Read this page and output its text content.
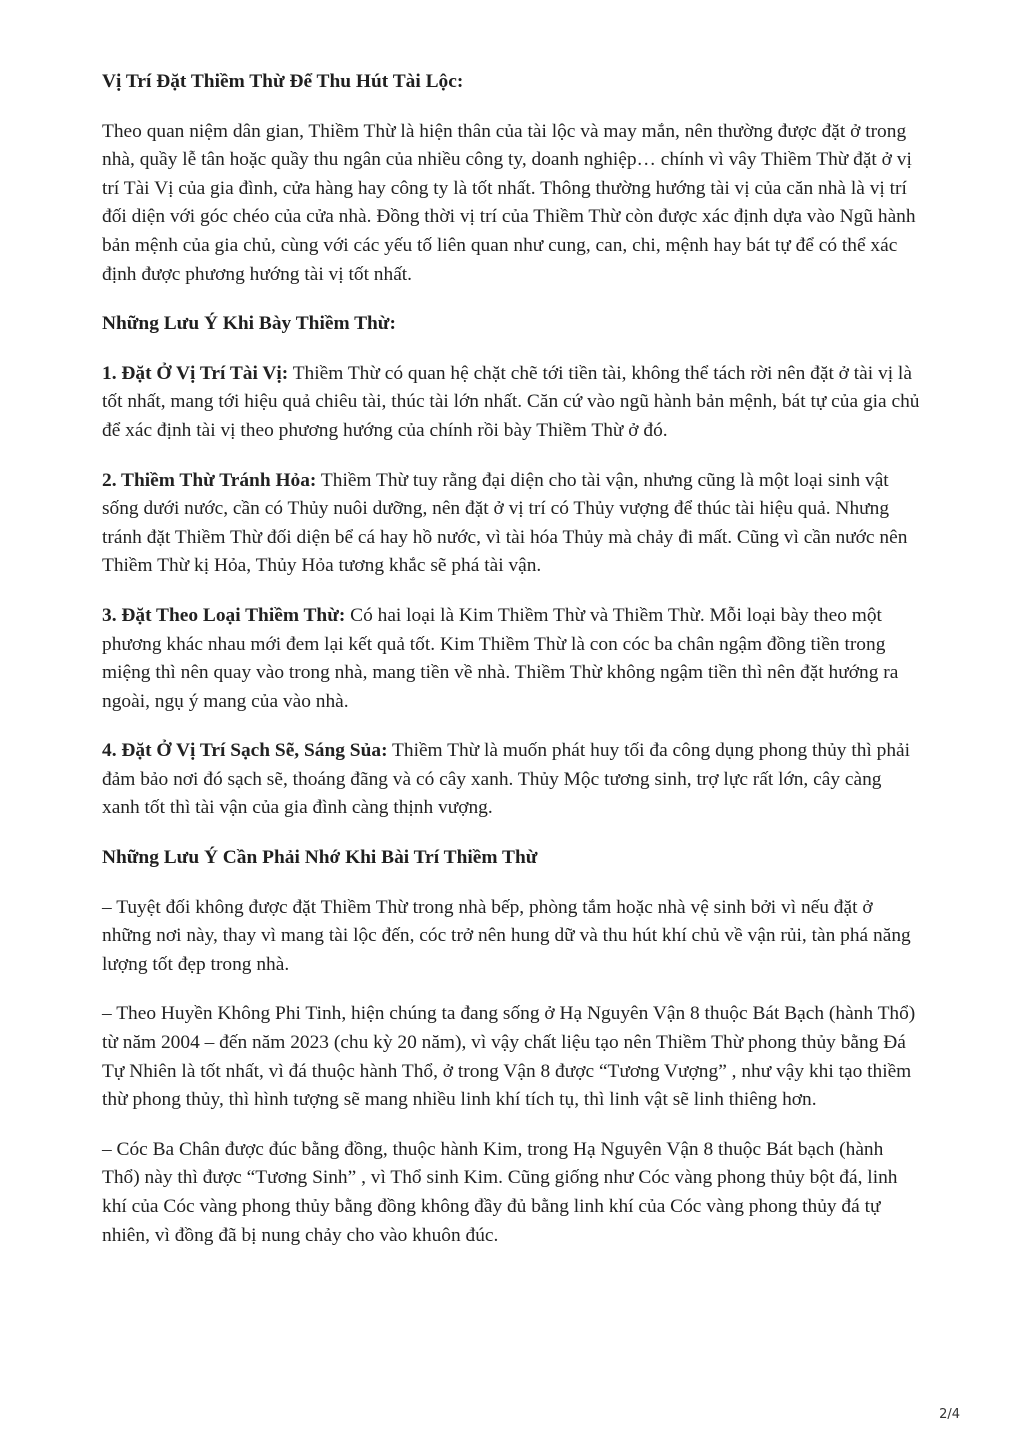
Vị Trí Đặt Thiềm Thừ Để Thu Hút Tài Lộc:

Theo quan niệm dân gian, Thiềm Thừ là hiện thân của tài lộc và may mắn, nên thường được đặt ở trong nhà, quầy lễ tân hoặc quầy thu ngân của nhiều công ty, doanh nghiệp… chính vì vây Thiềm Thừ đặt ở vị trí Tài Vị của gia đình, cửa hàng hay công ty là tốt nhất. Thông thường hướng tài vị của căn nhà là vị trí đối diện với góc chéo của cửa nhà. Đồng thời vị trí của Thiềm Thừ còn được xác định dựa vào Ngũ hành bản mệnh của gia chủ, cùng với các yếu tố liên quan như cung, can, chi, mệnh hay bát tự để có thể xác định được phương hướng tài vị tốt nhất.

Những Lưu Ý Khi Bày Thiềm Thừ:

1. Đặt Ở Vị Trí Tài Vị: Thiềm Thừ có quan hệ chặt chẽ tới tiền tài, không thể tách rời nên đặt ở tài vị là tốt nhất, mang tới hiệu quả chiêu tài, thúc tài lớn nhất. Căn cứ vào ngũ hành bản mệnh, bát tự của gia chủ để xác định tài vị theo phương hướng của chính rồi bày Thiềm Thừ ở đó.

2. Thiềm Thừ Tránh Hỏa: Thiềm Thừ tuy rằng đại diện cho tài vận, nhưng cũng là một loại sinh vật sống dưới nước, cần có Thủy nuôi dưỡng, nên đặt ở vị trí có Thủy vượng để thúc tài hiệu quả. Nhưng tránh đặt Thiềm Thừ đối diện bể cá hay hồ nước, vì tài hóa Thủy mà chảy đi mất. Cũng vì cần nước nên Thiềm Thừ kị Hỏa, Thủy Hỏa tương khắc sẽ phá tài vận.

3. Đặt Theo Loại Thiềm Thừ: Có hai loại là Kim Thiềm Thừ và Thiềm Thừ. Mỗi loại bày theo một phương khác nhau mới đem lại kết quả tốt. Kim Thiềm Thừ là con cóc ba chân ngậm đồng tiền trong miệng thì nên quay vào trong nhà, mang tiền về nhà. Thiềm Thừ không ngậm tiền thì nên đặt hướng ra ngoài, ngụ ý mang của vào nhà.

4. Đặt Ở Vị Trí Sạch Sẽ, Sáng Sủa: Thiềm Thừ là muốn phát huy tối đa công dụng phong thủy thì phải đảm bảo nơi đó sạch sẽ, thoáng đãng và có cây xanh. Thủy Mộc tương sinh, trợ lực rất lớn, cây càng xanh tốt thì tài vận của gia đình càng thịnh vượng.

Những Lưu Ý Cần Phải Nhớ Khi Bài Trí Thiềm Thừ

– Tuyệt đối không được đặt Thiềm Thừ trong nhà bếp, phòng tắm hoặc nhà vệ sinh bởi vì nếu đặt ở những nơi này, thay vì mang tài lộc đến, cóc trở nên hung dữ và thu hút khí chủ về vận rủi, tàn phá năng lượng tốt đẹp trong nhà.

– Theo Huyền Không Phi Tinh, hiện chúng ta đang sống ở Hạ Nguyên Vận 8 thuộc Bát Bạch (hành Thổ) từ năm 2004 – đến năm 2023 (chu kỳ 20 năm), vì vậy chất liệu tạo nên Thiềm Thừ phong thủy bằng Đá Tự Nhiên là tốt nhất, vì đá thuộc hành Thổ, ở trong Vận 8 được “Tương Vượng” , như vậy khi tạo thiềm thừ phong thủy, thì hình tượng sẽ mang nhiều linh khí tích tụ, thì linh vật sẽ linh thiêng hơn.

– Cóc Ba Chân được đúc bằng đồng, thuộc hành Kim, trong Hạ Nguyên Vận 8 thuộc Bát bạch (hành Thổ) này thì được “Tương Sinh” , vì Thổ sinh Kim. Cũng giống như Cóc vàng phong thủy bột đá, linh khí của Cóc vàng phong thủy bằng đồng không đầy đủ bằng linh khí của Cóc vàng phong thủy đá tự nhiên, vì đồng đã bị nung chảy cho vào khuôn đúc.

2/4
